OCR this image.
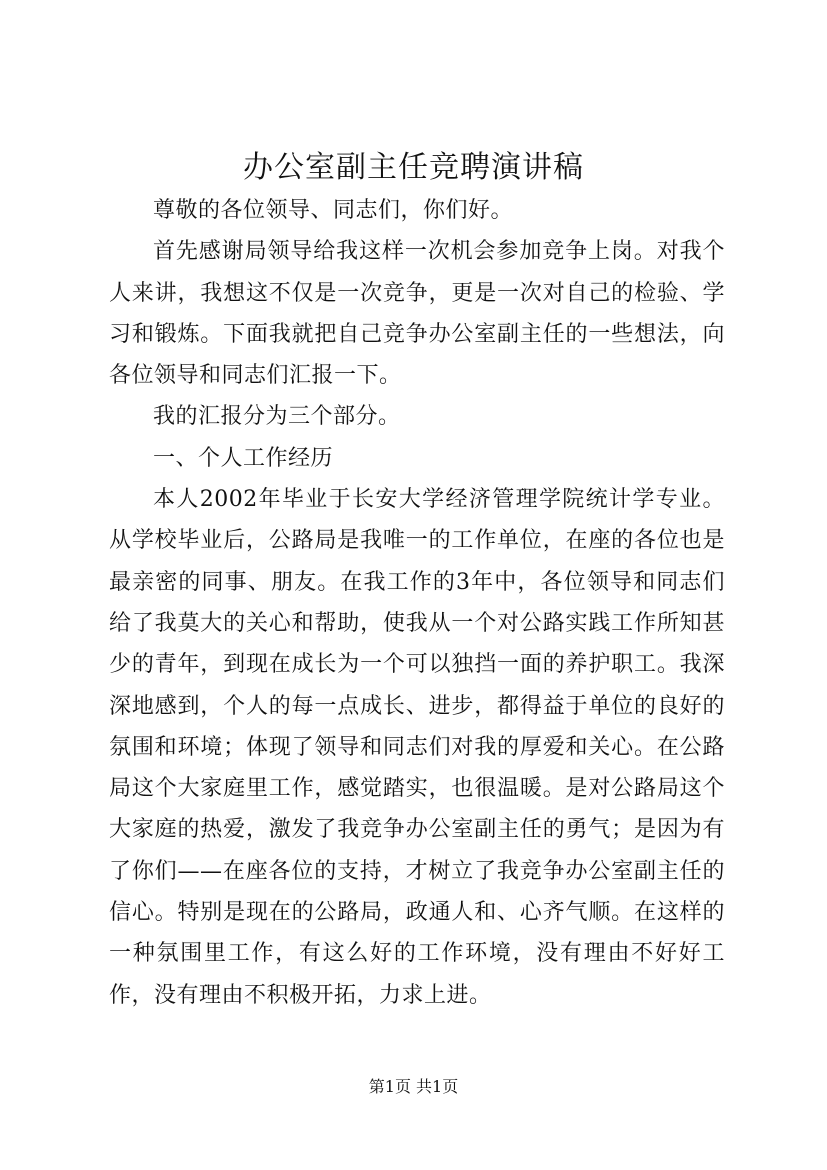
办公室副主任竞聘演讲稿

尊敬的各位领导、同志们，你们好。

首先感谢局领导给我这样一次机会参加竞争上岗。对我个人来讲，我想这不仅是一次竞争，更是一次对自己的检验、学习和锻炼。下面我就把自己竞争办公室副主任的一些想法，向各位领导和同志们汇报一下。

我的汇报分为三个部分。

一、个人工作经历

本人2002年毕业于长安大学经济管理学院统计学专业。从学校毕业后，公路局是我唯一的工作单位，在座的各位也是最亲密的同事、朋友。在我工作的3年中，各位领导和同志们给了我莫大的关心和帮助，使我从一个对公路实践工作所知甚少的青年，到现在成长为一个可以独挡一面的养护职工。我深深地感到，个人的每一点成长、进步，都得益于单位的良好的氛围和环境；体现了领导和同志们对我的厚爱和关心。在公路局这个大家庭里工作，感觉踏实，也很温暖。是对公路局这个大家庭的热爱，激发了我竞争办公室副主任的勇气；是因为有了你们——在座各位的支持，才树立了我竞争办公室副主任的信心。特别是现在的公路局，政通人和、心齐气顺。在这样的一种氛围里工作，有这么好的工作环境，没有理由不好好工作，没有理由不积极开拓，力求上进。

第1页 共1页
